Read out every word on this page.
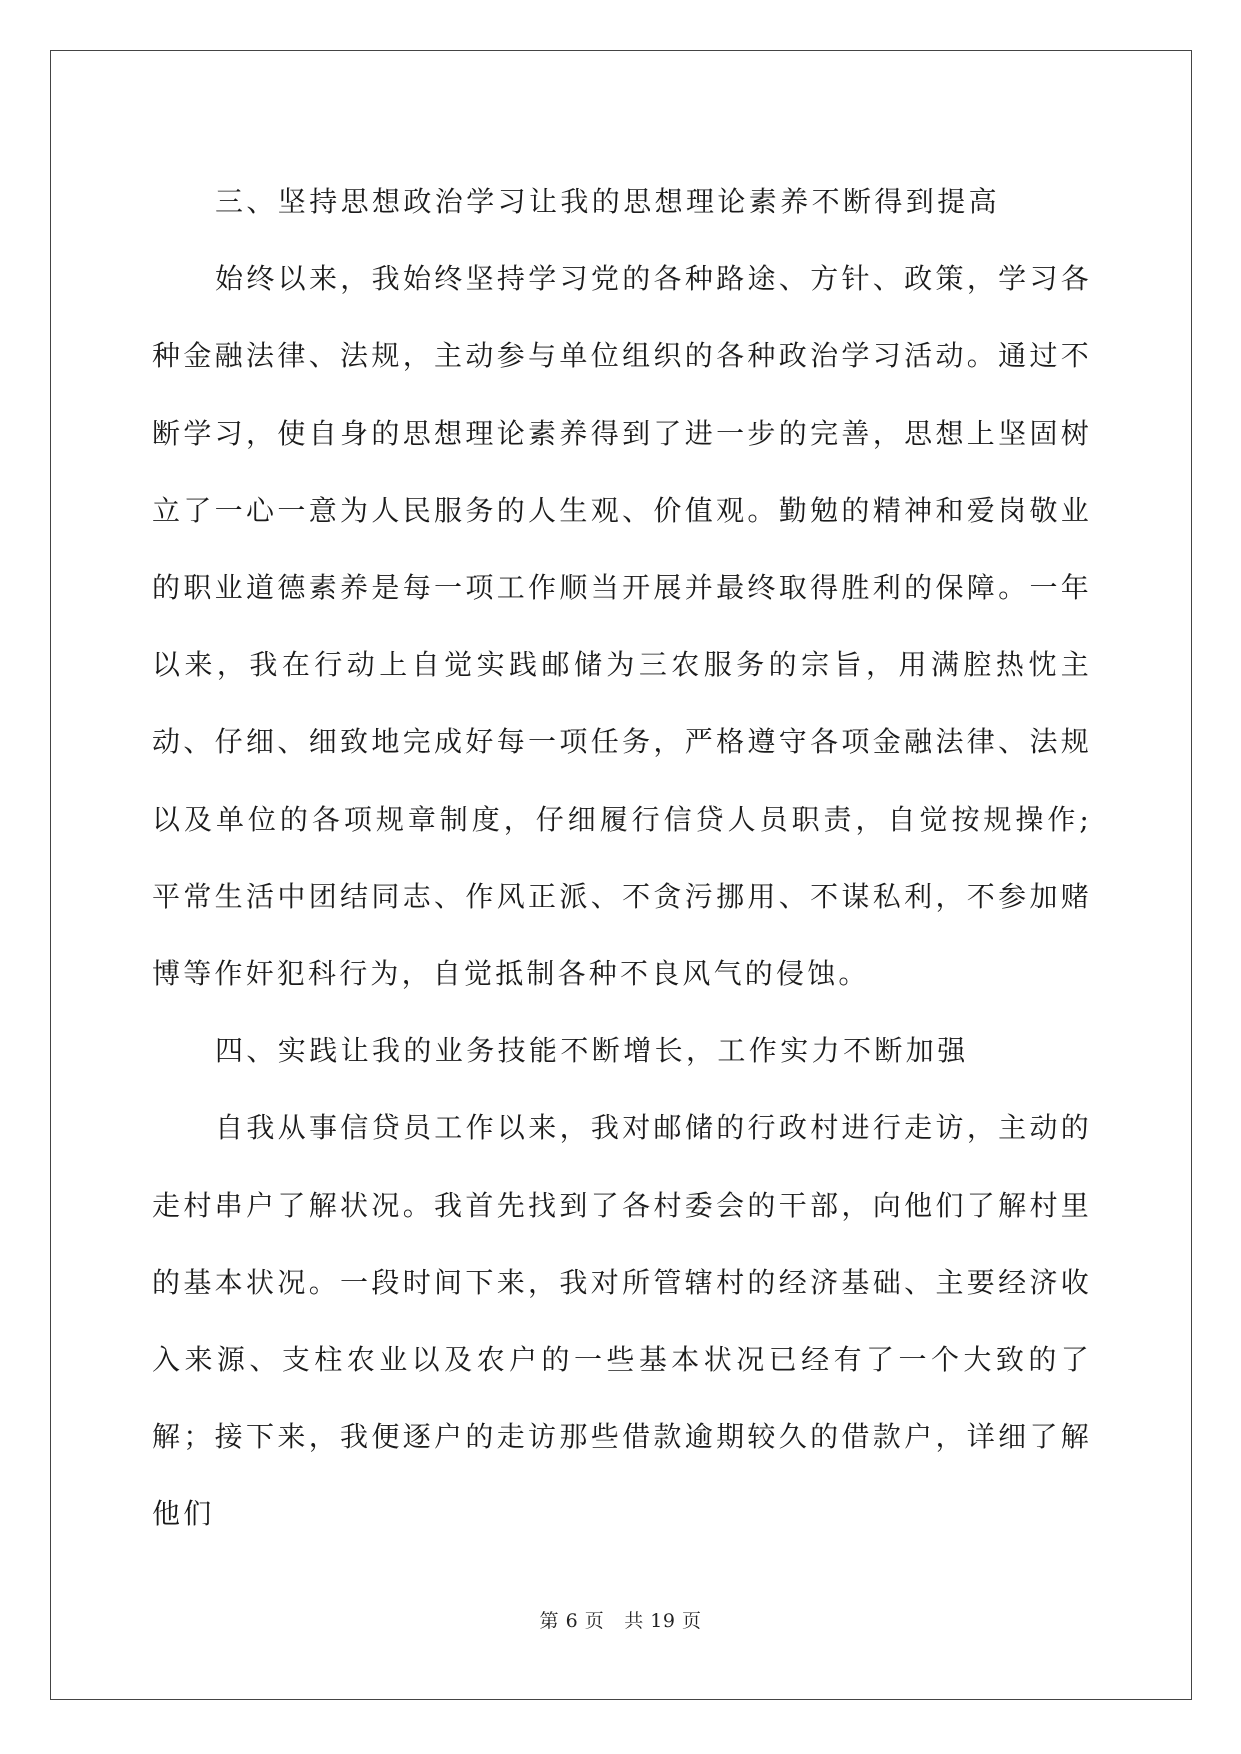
三、坚持思想政治学习让我的思想理论素养不断得到提高

始终以来，我始终坚持学习党的各种路途、方针、政策，学习各种金融法律、法规，主动参与单位组织的各种政治学习活动。通过不断学习，使自身的思想理论素养得到了进一步的完善，思想上坚固树立了一心一意为人民服务的人生观、价值观。勤勉的精神和爱岗敬业的职业道德素养是每一项工作顺当开展并最终取得胜利的保障。一年以来，我在行动上自觉实践邮储为三农服务的宗旨，用满腔热忱主动、仔细、细致地完成好每一项任务，严格遵守各项金融法律、法规以及单位的各项规章制度，仔细履行信贷人员职责，自觉按规操作;平常生活中团结同志、作风正派、不贪污挪用、不谋私利，不参加赌博等作奸犯科行为，自觉抵制各种不良风气的侵蚀。

四、实践让我的业务技能不断增长，工作实力不断加强

自我从事信贷员工作以来，我对邮储的行政村进行走访，主动的走村串户了解状况。我首先找到了各村委会的干部，向他们了解村里的基本状况。一段时间下来，我对所管辖村的经济基础、主要经济收入来源、支柱农业以及农户的一些基本状况已经有了一个大致的了解；接下来，我便逐户的走访那些借款逾期较久的借款户，详细了解他们

第 6 页 共 19 页
